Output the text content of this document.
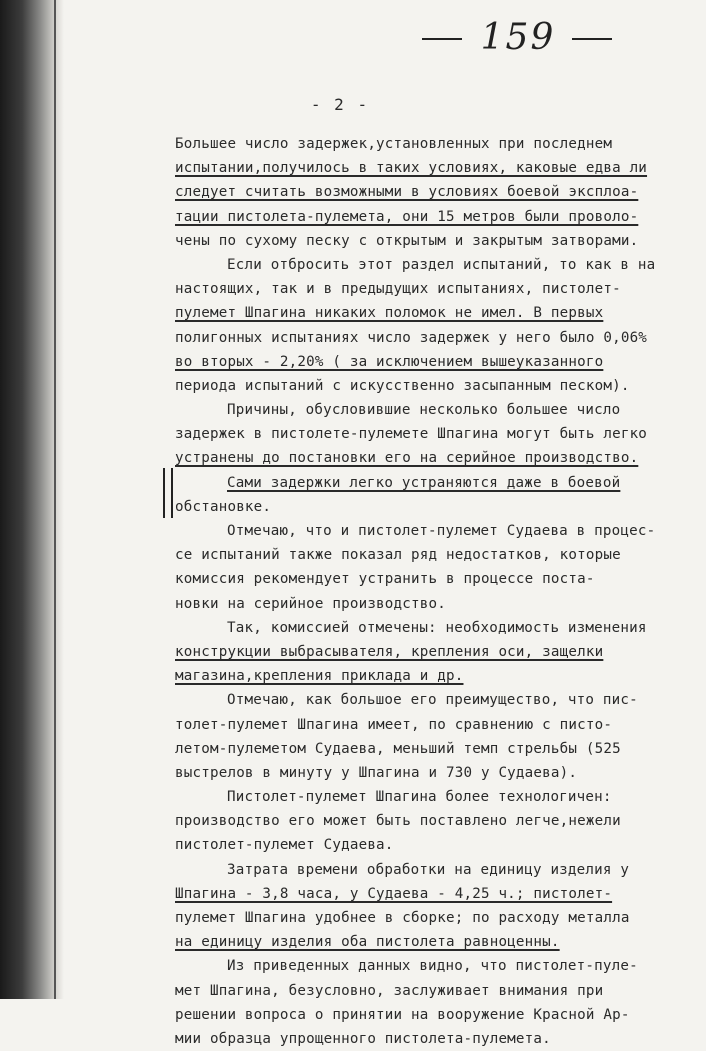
159
- 2 -
Большее число задержек,установленных при последнем
испытании,получилось в таких условиях, каковые едва ли
следует считать возможными в условиях боевой эксплоа-
тации пистолета-пулемета, они 15 метров были проволо-
чены по сухому песку с открытым и закрытым затворами.
Если отбросить этот раздел испытаний, то как в на
настоящих, так и в предыдущих испытаниях, пистолет-
пулемет Шпагина никаких поломок не имел. В первых
полигонных испытаниях число задержек у него было 0,06%
во вторых - 2,20% ( за исключением вышеуказанного
периода испытаний с искусственно засыпанным песком).
Причины, обусловившие несколько большее число
задержек в пистолете-пулемете Шпагина могут быть легко
устранены до постановки его на серийное производство.
Сами задержки легко устраняются даже в боевой
обстановке.
Отмечаю, что и пистолет-пулемет Судаева в процес-
се испытаний также показал ряд недостатков, которые
комиссия рекомендует устранить в процессе поста-
новки на серийное производство.
Так, комиссией отмечены: необходимость изменения
конструкции выбрасывателя, крепления оси, защелки
магазина,крепления приклада и др.
Отмечаю, как большое его преимущество, что пис-
толет-пулемет Шпагина имеет, по сравнению с писто-
летом-пулеметом Судаева, меньший темп стрельбы (525
выстрелов в минуту у Шпагина и 730 у Судаева).
Пистолет-пулемет Шпагина более технологичен:
производство его может быть поставлено легче,нежели
пистолет-пулемет Судаева.
Затрата времени обработки на единицу изделия у
Шпагина - 3,8 часа, у Судаева - 4,25 ч.; пистолет-
пулемет Шпагина удобнее в сборке; по расходу металла
на единицу изделия оба пистолета равноценны.
Из приведенных данных видно, что пистолет-пуле-
мет Шпагина, безусловно, заслуживает внимания при
решении вопроса о принятии на вооружение Красной Ар-
мии образца упрощенного пистолета-пулемета.
